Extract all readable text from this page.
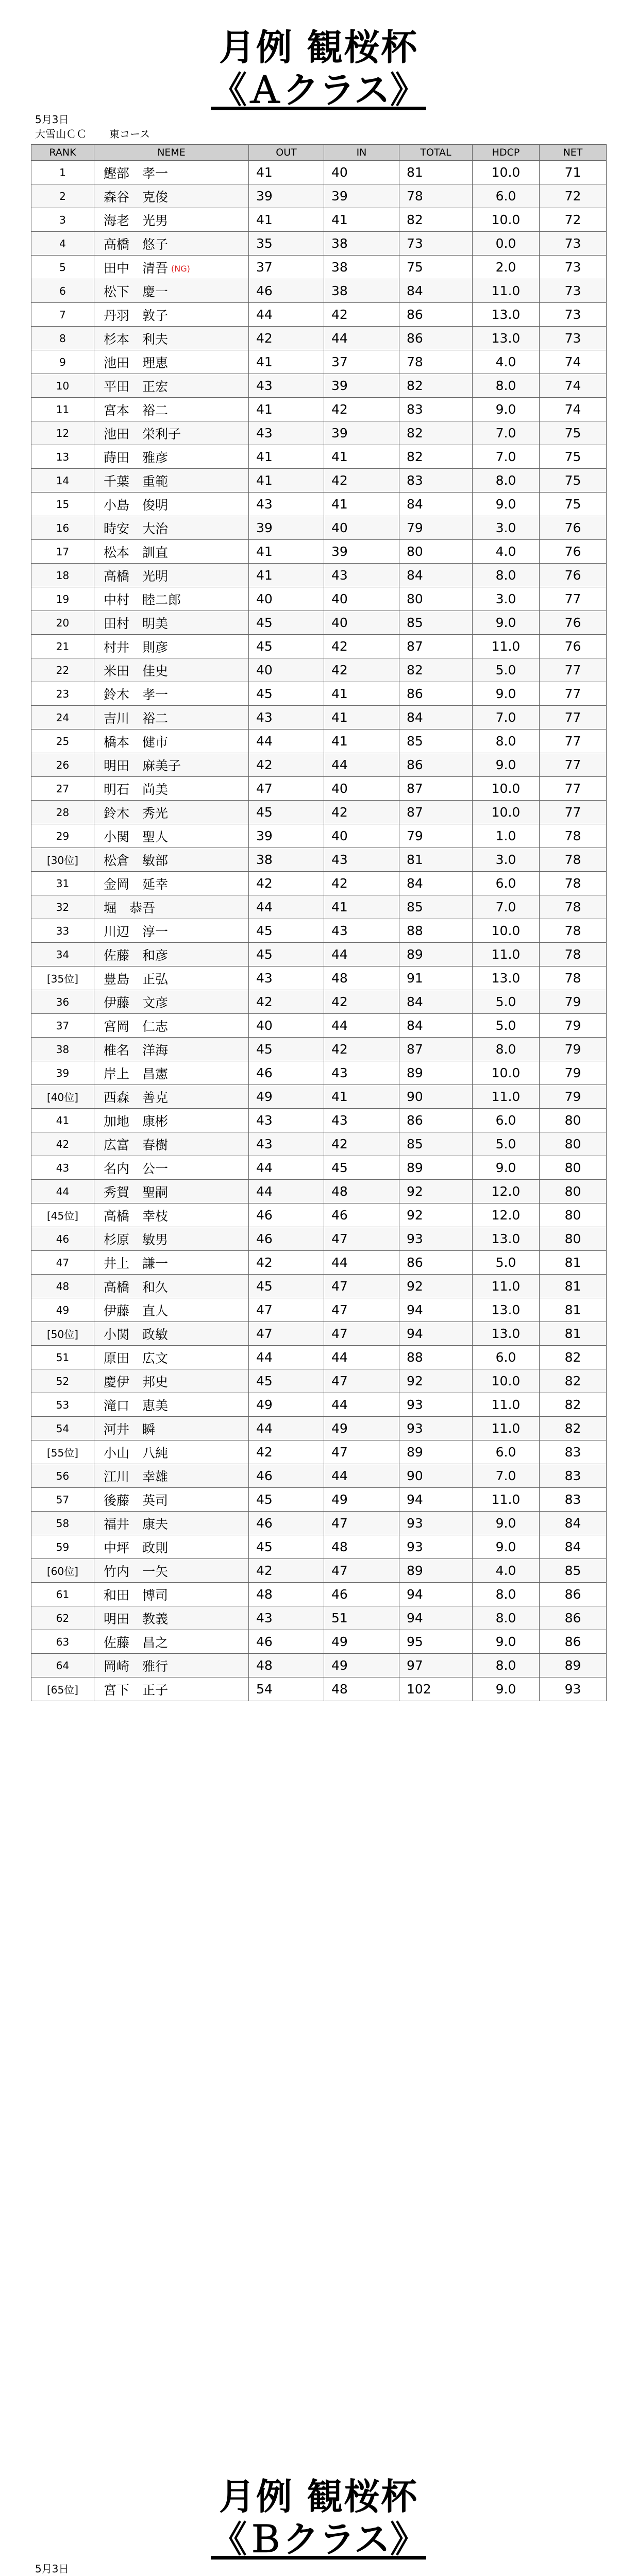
月例 観桜杯
《Ａクラス》
5月3日
大雪山ＣＣ 東コース
RANK	NEME	OUT	IN	TOTAL	HDCP	NET
1	鰹部　孝一	41	40	81	10.0	71
2	森谷　克俊	39	39	78	6.0	72
3	海老　光男	41	41	82	10.0	72
4	高橋　悠子	35	38	73	0.0	73
5	田中　清吾 (NG)	37	38	75	2.0	73
6	松下　慶一	46	38	84	11.0	73
7	丹羽　敦子	44	42	86	13.0	73
8	杉本　利夫	42	44	86	13.0	73
9	池田　理恵	41	37	78	4.0	74
10	平田　正宏	43	39	82	8.0	74
11	宮本　裕二	41	42	83	9.0	74
12	池田　栄利子	43	39	82	7.0	75
13	蒔田　雅彦	41	41	82	7.0	75
14	千葉　重範	41	42	83	8.0	75
15	小島　俊明	43	41	84	9.0	75
16	時安　大治	39	40	79	3.0	76
17	松本　訓直	41	39	80	4.0	76
18	高橋　光明	41	43	84	8.0	76
19	中村　睦二郎	40	40	80	3.0	77
20	田村　明美	45	40	85	9.0	76
21	村井　則彦	45	42	87	11.0	76
22	米田　佳史	40	42	82	5.0	77
23	鈴木　孝一	45	41	86	9.0	77
24	吉川　裕二	43	41	84	7.0	77
25	橋本　健市	44	41	85	8.0	77
26	明田　麻美子	42	44	86	9.0	77
27	明石　尚美	47	40	87	10.0	77
28	鈴木　秀光	45	42	87	10.0	77
29	小関　聖人	39	40	79	1.0	78
[30位]	松倉　敏部	38	43	81	3.0	78
31	金岡　延幸	42	42	84	6.0	78
32	堀　恭吾	44	41	85	7.0	78
33	川辺　淳一	45	43	88	10.0	78
34	佐藤　和彦	45	44	89	11.0	78
[35位]	豊島　正弘	43	48	91	13.0	78
36	伊藤　文彦	42	42	84	5.0	79
37	宮岡　仁志	40	44	84	5.0	79
38	椎名　洋海	45	42	87	8.0	79
39	岸上　昌憲	46	43	89	10.0	79
[40位]	西森　善克	49	41	90	11.0	79
41	加地　康彬	43	43	86	6.0	80
42	広富　春樹	43	42	85	5.0	80
43	名内　公一	44	45	89	9.0	80
44	秀賀　聖嗣	44	48	92	12.0	80
[45位]	高橋　幸枝	46	46	92	12.0	80
46	杉原　敏男	46	47	93	13.0	80
47	井上　謙一	42	44	86	5.0	81
48	高橋　和久	45	47	92	11.0	81
49	伊藤　直人	47	47	94	13.0	81
[50位]	小関　政敏	47	47	94	13.0	81
51	原田　広文	44	44	88	6.0	82
52	慶伊　邦史	45	47	92	10.0	82
53	滝口　恵美	49	44	93	11.0	82
54	河井　瞬	44	49	93	11.0	82
[55位]	小山　八純	42	47	89	6.0	83
56	江川　幸雄	46	44	90	7.0	83
57	後藤　英司	45	49	94	11.0	83
58	福井　康夫	46	47	93	9.0	84
59	中坪　政則	45	48	93	9.0	84
[60位]	竹内　一矢	42	47	89	4.0	85
61	和田　博司	48	46	94	8.0	86
62	明田　教義	43	51	94	8.0	86
63	佐藤　昌之	46	49	95	9.0	86
64	岡崎　雅行	48	49	97	8.0	89
[65位]	宮下　正子	54	48	102	9.0	93
月例 観桜杯
《Ｂクラス》
5月3日
